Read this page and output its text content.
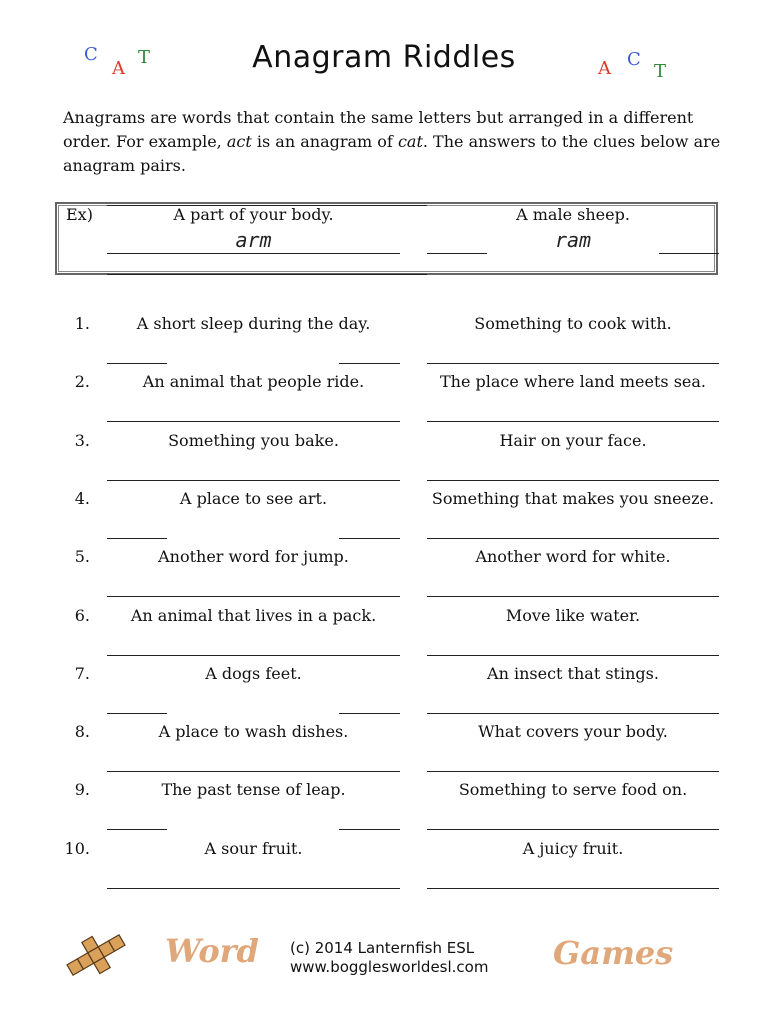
Anagram Riddles
C
A
T
A C
T
Anagrams are words that contain the same letters but arranged in a different order. For example, act is an anagram of cat. The answers to the clues below are anagram pairs.
Ex)	A part of your body.	A male sheep.
arm	ram
1.	A short sleep during the day.	Something to cook with.
2.	An animal that people ride.	The place where land meets sea.
3.	Something you bake.	Hair on your face.
4.	A place to see art.	Something that makes you sneeze.
5.	Another word for jump.	Another word for white.
6.	An animal that lives in a pack.	Move like water.
7.	A dogs feet.	An insect that stings.
8.	A place to wash dishes.	What covers your body.
9.	The past tense of leap.	Something to serve food on.
10.	A sour fruit.	A juicy fruit.
Word (c) 2014 Lanternfish ESL
www.bogglesworldesl.com Games
